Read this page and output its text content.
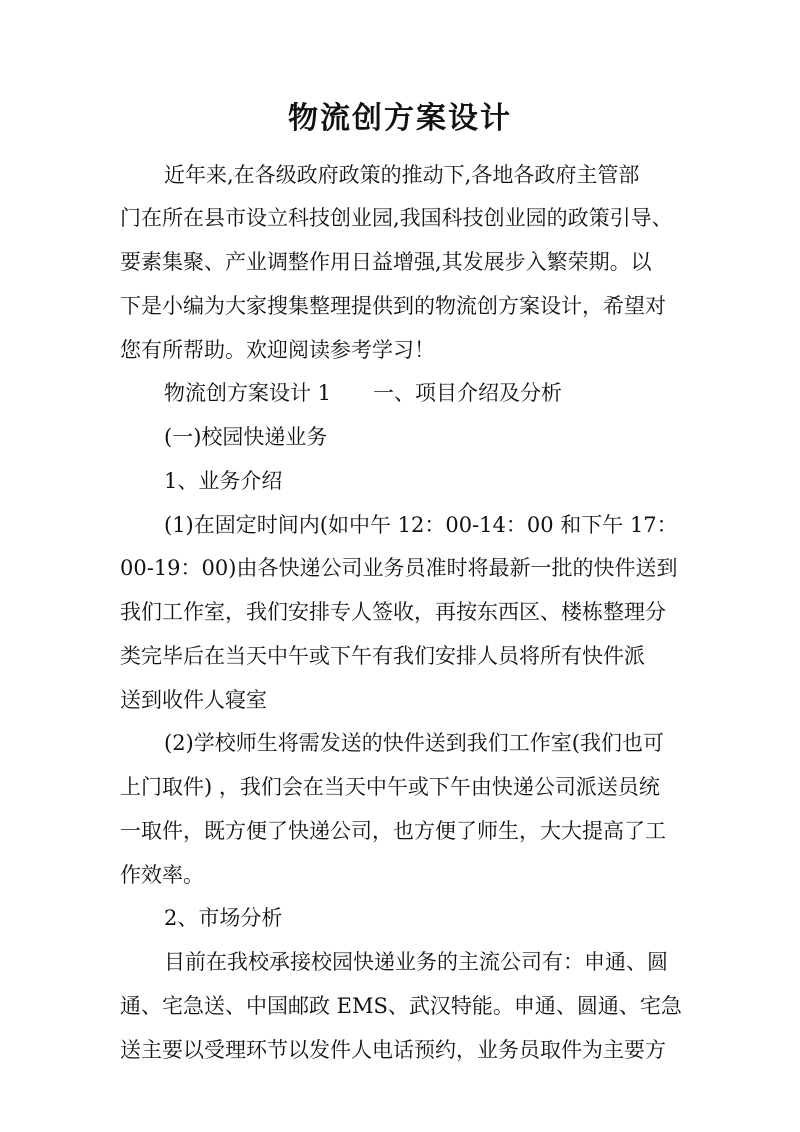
物流创方案设计
近年来,在各级政府政策的推动下,各地各政府主管部
门在所在县市设立科技创业园,我国科技创业园的政策引导、
要素集聚、产业调整作用日益增强,其发展步入繁荣期。以
下是小编为大家搜集整理提供到的物流创方案设计，希望对
您有所帮助。欢迎阅读参考学习！
物流创方案设计 1　　一、项目介绍及分析
(一)校园快递业务
1、业务介绍
(1)在固定时间内(如中午 12：00-14：00 和下午 17：
00-19：00)由各快递公司业务员准时将最新一批的快件送到
我们工作室，我们安排专人签收，再按东西区、楼栋整理分
类完毕后在当天中午或下午有我们安排人员将所有快件派
送到收件人寝室
(2)学校师生将需发送的快件送到我们工作室(我们也可
上门取件) ，我们会在当天中午或下午由快递公司派送员统
一取件，既方便了快递公司，也方便了师生，大大提高了工
作效率。
2、市场分析
目前在我校承接校园快递业务的主流公司有：申通、圆
通、宅急送、中国邮政 EMS、武汉特能。申通、圆通、宅急
送主要以受理环节以发件人电话预约，业务员取件为主要方
